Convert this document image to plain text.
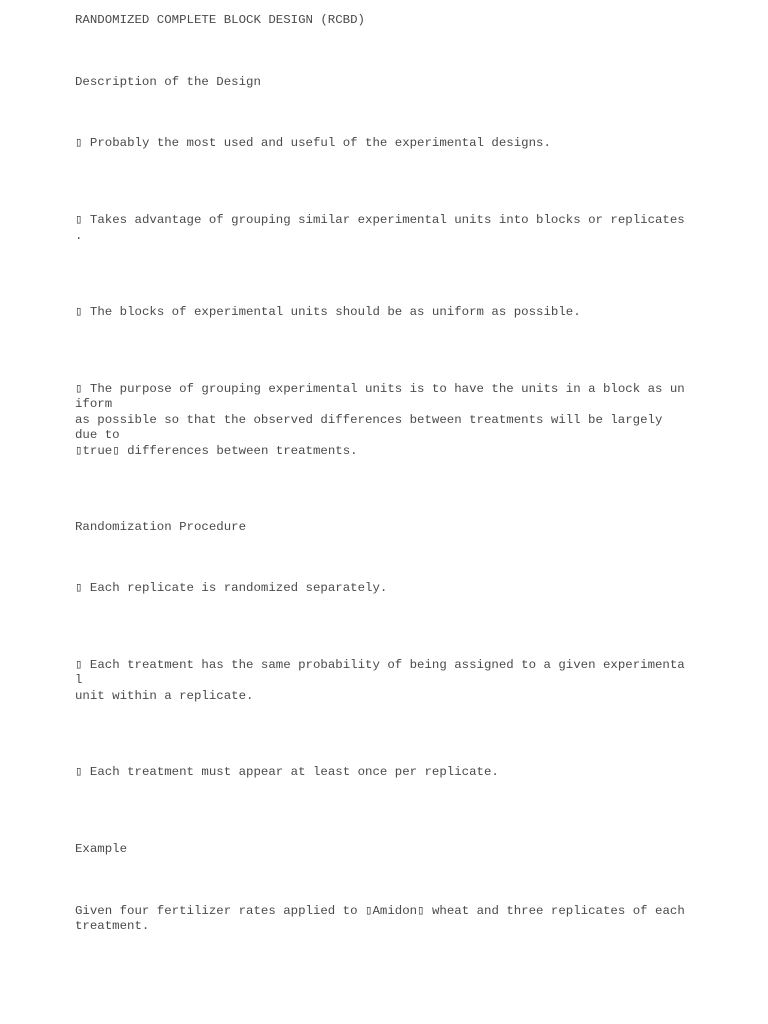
RANDOMIZED COMPLETE BLOCK DESIGN (RCBD)

Description of the Design

▯ Probably the most used and useful of the experimental designs.

▯ Takes advantage of grouping similar experimental units into blocks or replicates

.

▯ The blocks of experimental units should be as uniform as possible.

▯ The purpose of grouping experimental units is to have the units in a block as un

iform

as possible so that the observed differences between treatments will be largely

due to

▯true▯ differences between treatments.

Randomization Procedure

▯ Each replicate is randomized separately.

▯ Each treatment has the same probability of being assigned to a given experimenta

l

unit within a replicate.

▯ Each treatment must appear at least once per replicate.

Example

Given four fertilizer rates applied to ▯Amidon▯ wheat and three replicates of each

treatment.
